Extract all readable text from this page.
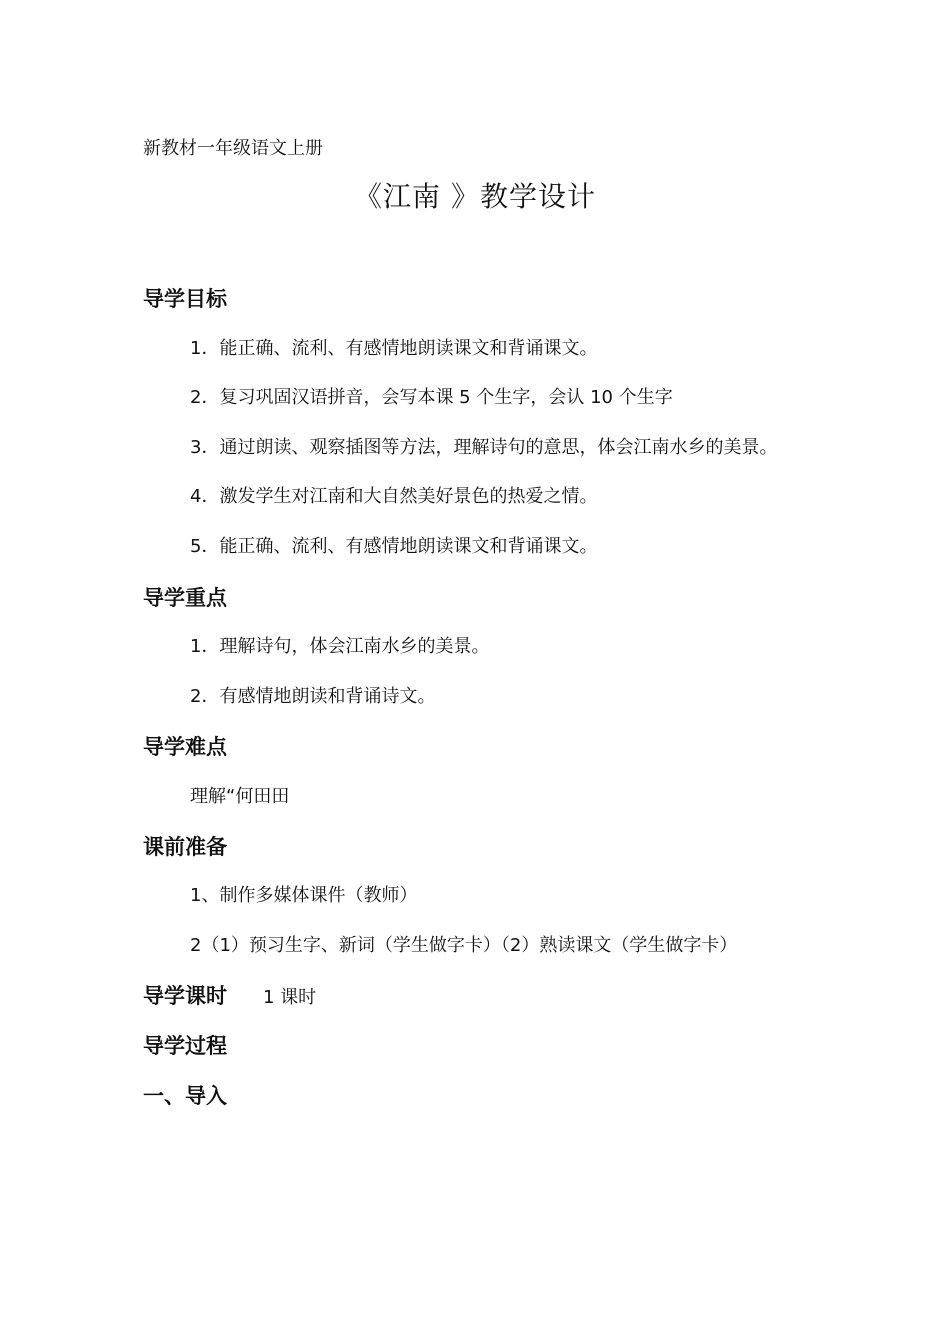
新教材一年级语文上册
《江南 》教学设计
导学目标
1．能正确、流利、有感情地朗读课文和背诵课文。
2．复习巩固汉语拼音，会写本课 5 个生字，会认 10 个生字
3．通过朗读、观察插图等方法，理解诗句的意思，体会江南水乡的美景。
4．激发学生对江南和大自然美好景色的热爱之情。
5．能正确、流利、有感情地朗读课文和背诵课文。
导学重点
1．理解诗句，体会江南水乡的美景。
2．有感情地朗读和背诵诗文。
导学难点
理解“何田田
课前准备
1、制作多媒体课件（教师）
2（1）预习生字、新词（学生做字卡）（2）熟读课文（学生做字卡）
导学课时 1 课时
导学过程
一、导入
